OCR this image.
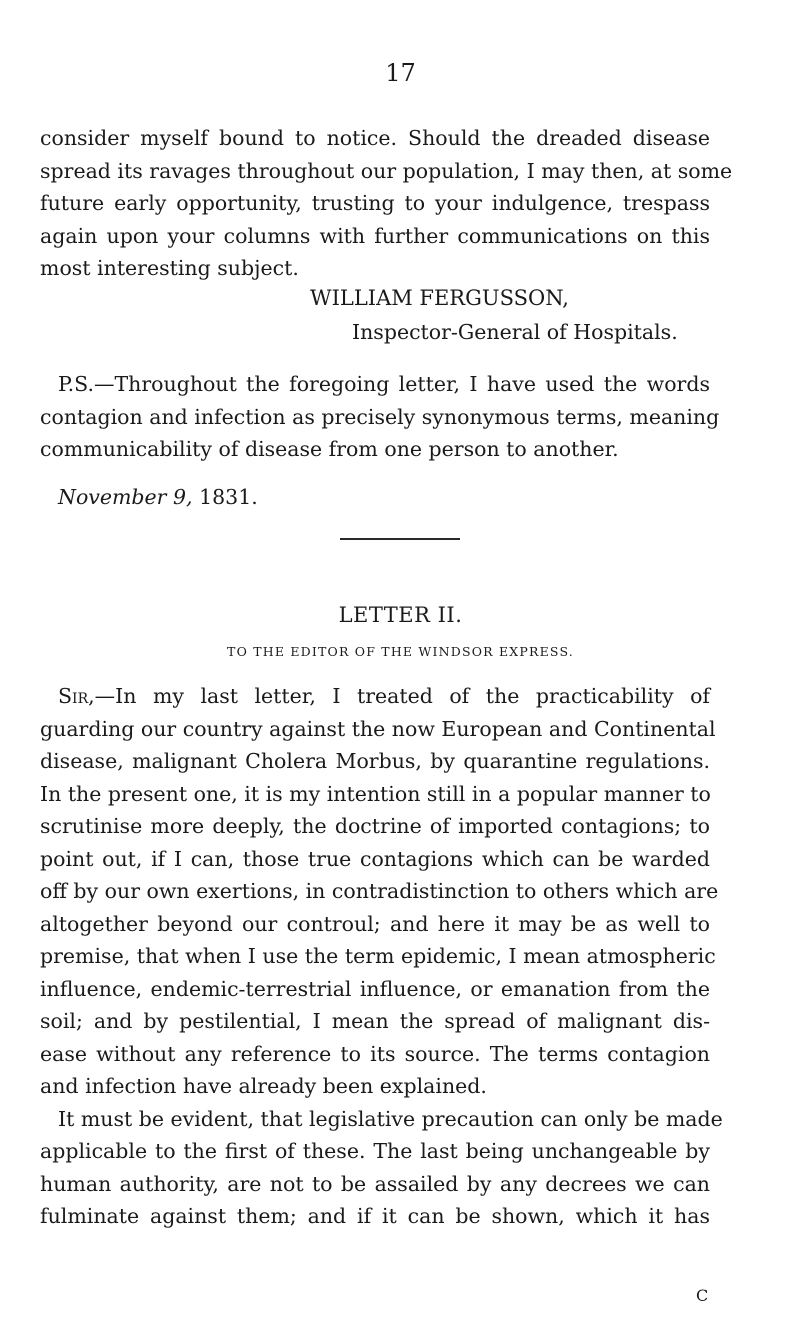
17
consider myself bound to notice. Should the dreaded disease
spread its ravages throughout our population, I may then, at some
future early opportunity, trusting to your indulgence, trespass
again upon your columns with further communications on this
most interesting subject.
WILLIAM FERGUSSON,
Inspector-General of Hospitals.
P.S.—Throughout the foregoing letter, I have used the words
contagion and infection as precisely synonymous terms, meaning
communicability of disease from one person to another.
November 9, 1831.
LETTER II.
TO THE EDITOR OF THE WINDSOR EXPRESS.
Sir,—In my last letter, I treated of the practicability of
guarding our country against the now European and Continental
disease, malignant Cholera Morbus, by quarantine regulations.
In the present one, it is my intention still in a popular manner to
scrutinise more deeply, the doctrine of imported contagions; to
point out, if I can, those true contagions which can be warded
off by our own exertions, in contradistinction to others which are
altogether beyond our controul; and here it may be as well to
premise, that when I use the term epidemic, I mean atmospheric
influence, endemic-terrestrial influence, or emanation from the
soil; and by pestilential, I mean the spread of malignant dis-
ease without any reference to its source. The terms contagion
and infection have already been explained.
It must be evident, that legislative precaution can only be made
applicable to the first of these. The last being unchangeable by
human authority, are not to be assailed by any decrees we can
fulminate against them; and if it can be shown, which it has
C
